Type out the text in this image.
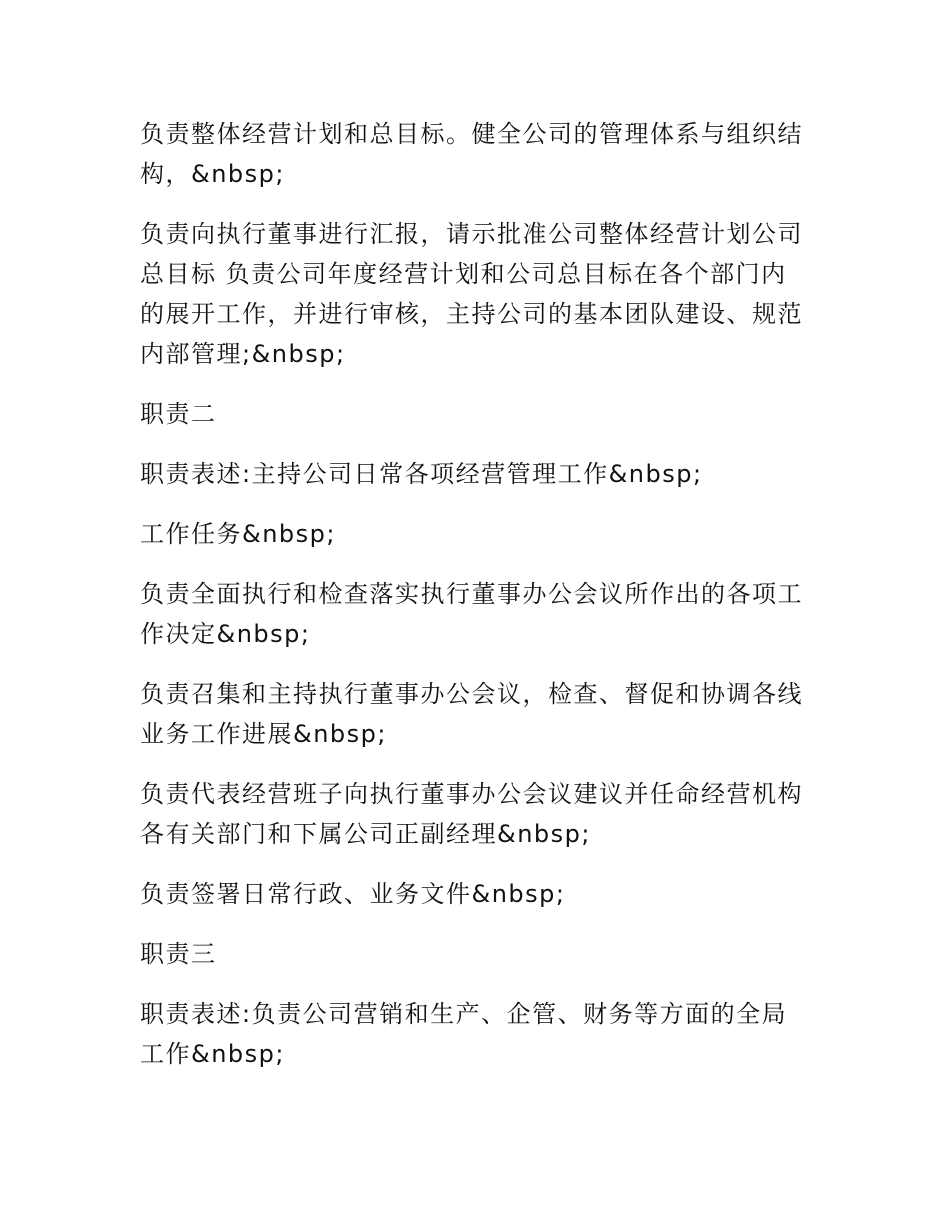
负责整体经营计划和总目标。健全公司的管理体系与组织结构，&nbsp;

负责向执行董事进行汇报，请示批准公司整体经营计划公司总目标 负责公司年度经营计划和公司总目标在各个部门内的展开工作，并进行审核，主持公司的基本团队建设、规范内部管理;&nbsp;

职责二

职责表述:主持公司日常各项经营管理工作&nbsp;

工作任务&nbsp;

负责全面执行和检查落实执行董事办公会议所作出的各项工作决定&nbsp;

负责召集和主持执行董事办公会议，检查、督促和协调各线业务工作进展&nbsp;

负责代表经营班子向执行董事办公会议建议并任命经营机构各有关部门和下属公司正副经理&nbsp;

负责签署日常行政、业务文件&nbsp;

职责三

职责表述:负责公司营销和生产、企管、财务等方面的全局工作&nbsp;
